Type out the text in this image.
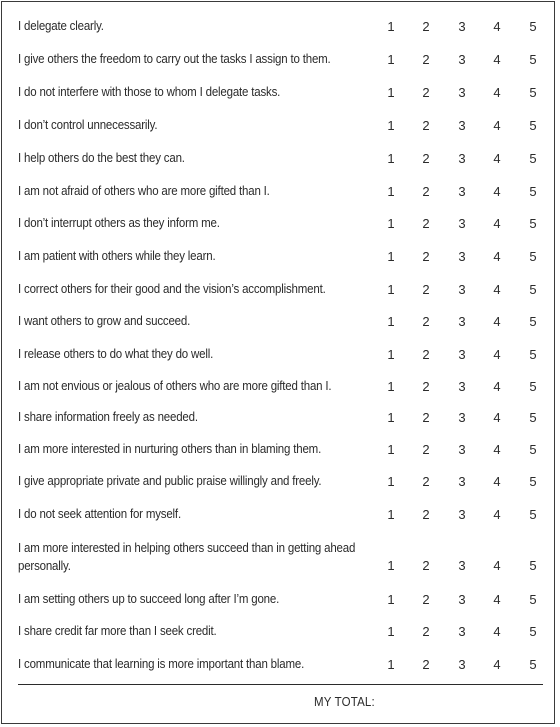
I delegate clearly.	1	2	3	4	5
I give others the freedom to carry out the tasks I assign to them.	1	2	3	4	5
I do not interfere with those to whom I delegate tasks.	1	2	3	4	5
I don’t control unnecessarily.	1	2	3	4	5
I help others do the best they can.	1	2	3	4	5
I am not afraid of others who are more gifted than I.	1	2	3	4	5
I don’t interrupt others as they inform me.	1	2	3	4	5
I am patient with others while they learn.	1	2	3	4	5
I correct others for their good and the vision’s accomplishment.	1	2	3	4	5
I want others to grow and succeed.	1	2	3	4	5
I release others to do what they do well.	1	2	3	4	5
I am not envious or jealous of others who are more gifted than I.	1	2	3	4	5
I share information freely as needed.	1	2	3	4	5
I am more interested in nurturing others than in blaming them.	1	2	3	4	5
I give appropriate private and public praise willingly and freely.	1	2	3	4	5
I do not seek attention for myself.	1	2	3	4	5
I am more interested in helping others succeed than in getting ahead personally.	1	2	3	4	5
I am setting others up to succeed long after I’m gone.	1	2	3	4	5
I share credit far more than I seek credit.	1	2	3	4	5
I communicate that learning is more important than blame.	1	2	3	4	5
MY TOTAL:
